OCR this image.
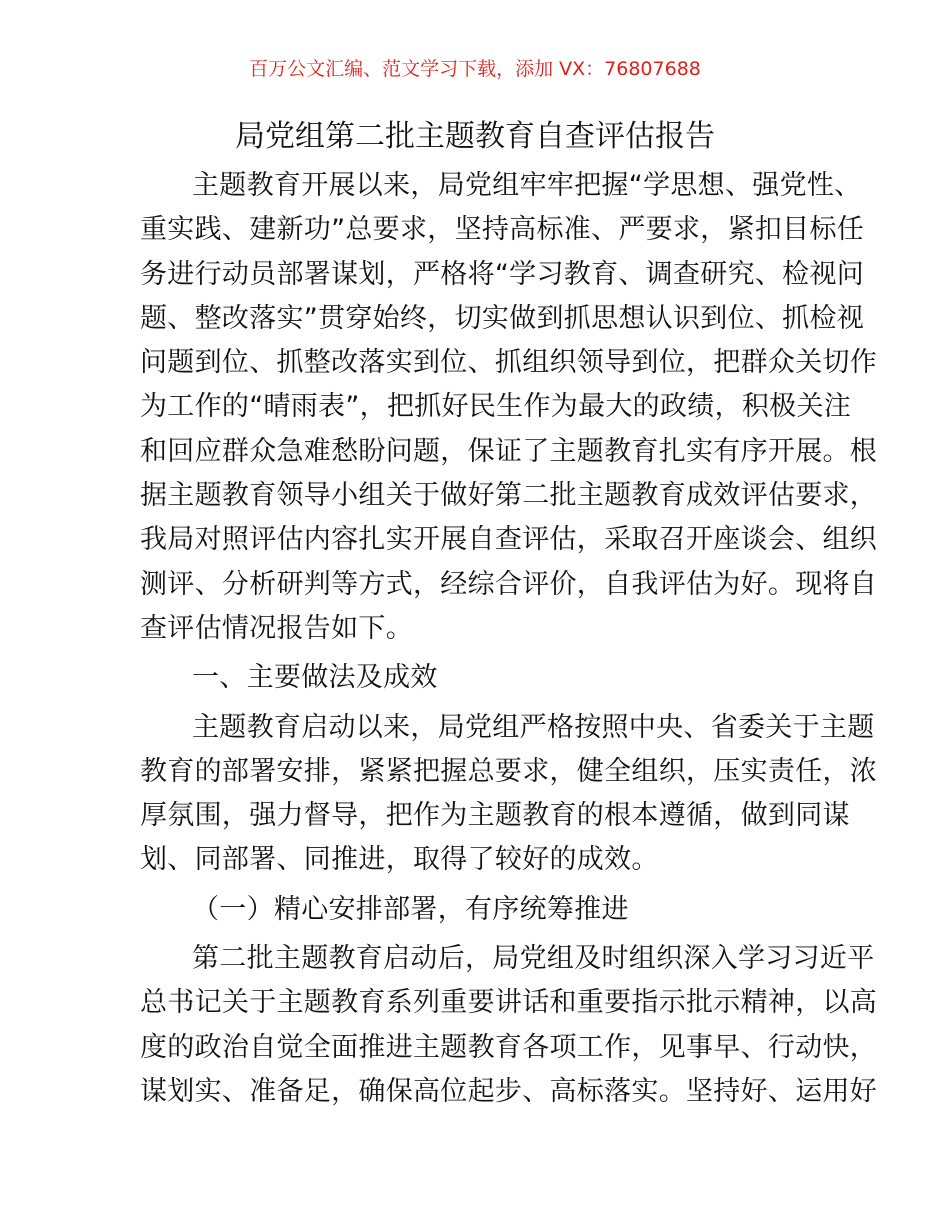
百万公文汇编、范文学习下载，添加 VX：76807688
局党组第二批主题教育自查评估报告
主题教育开展以来，局党组牢牢把握“学思想、强党性、
重实践、建新功”总要求，坚持高标准、严要求，紧扣目标任
务进行动员部署谋划，严格将“学习教育、调查研究、检视问
题、整改落实”贯穿始终，切实做到抓思想认识到位、抓检视
问题到位、抓整改落实到位、抓组织领导到位，把群众关切作
为工作的“晴雨表”，把抓好民生作为最大的政绩，积极关注
和回应群众急难愁盼问题，保证了主题教育扎实有序开展。根
据主题教育领导小组关于做好第二批主题教育成效评估要求，
我局对照评估内容扎实开展自查评估，采取召开座谈会、组织
测评、分析研判等方式，经综合评价，自我评估为好。现将自
查评估情况报告如下。
一、主要做法及成效
主题教育启动以来，局党组严格按照中央、省委关于主题
教育的部署安排，紧紧把握总要求，健全组织，压实责任，浓
厚氛围，强力督导，把作为主题教育的根本遵循，做到同谋
划、同部署、同推进，取得了较好的成效。
（一）精心安排部署，有序统筹推进
第二批主题教育启动后，局党组及时组织深入学习习近平
总书记关于主题教育系列重要讲话和重要指示批示精神，以高
度的政治自觉全面推进主题教育各项工作，见事早、行动快，
谋划实、准备足，确保高位起步、高标落实。坚持好、运用好
